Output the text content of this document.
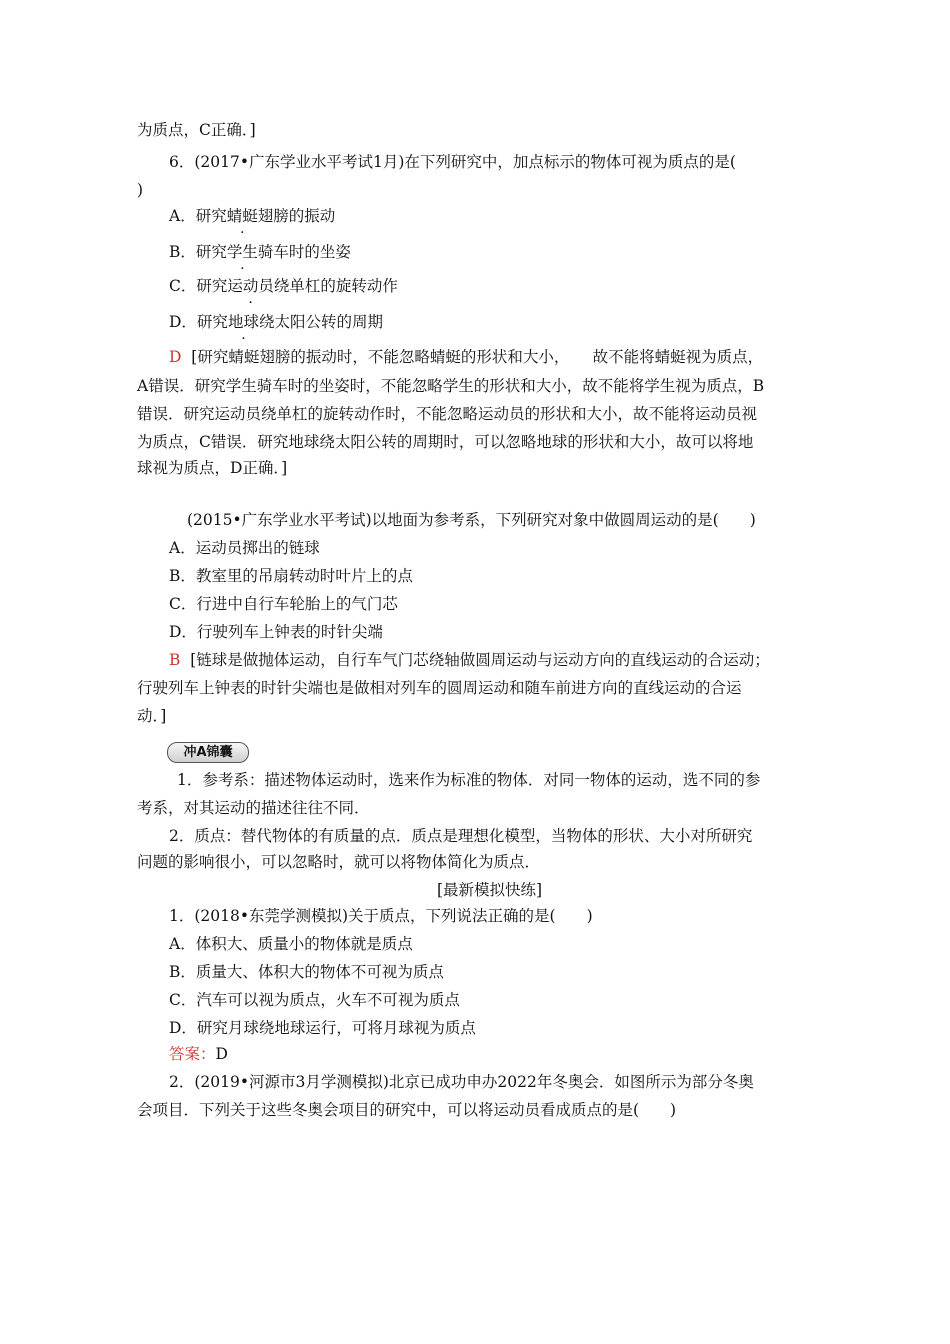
为质点，C正确．]
6．(2017•广东学业水平考试1月)在下列研究中，加点标示的物体可视为质点的是(
)
A．研究蜻蜓翅膀的振动
B．研究学生骑车时的坐姿
C．研究运动员绕单杠的旋转动作
D．研究地球绕太阳公转的周期
D [研究蜻蜓翅膀的振动时，不能忽略蜻蜓的形状和大小，　　故不能将蜻蜓视为质点，
A错误．研究学生骑车时的坐姿时，不能忽略学生的形状和大小，故不能将学生视为质点，B
错误．研究运动员绕单杠的旋转动作时，不能忽略运动员的形状和大小，故不能将运动员视
为质点，C错误．研究地球绕太阳公转的周期时，可以忽略地球的形状和大小，故可以将地
球视为质点，D正确．]
(2015•广东学业水平考试)以地面为参考系，下列研究对象中做圆周运动的是(　　)
A．运动员掷出的链球
B．教室里的吊扇转动时叶片上的点
C．行进中自行车轮胎上的气门芯
D．行驶列车上钟表的时针尖端
B [链球是做抛体运动，自行车气门芯绕轴做圆周运动与运动方向的直线运动的合运动；
行驶列车上钟表的时针尖端也是做相对列车的圆周运动和随车前进方向的直线运动的合运
动．]
冲A锦囊
1．参考系：描述物体运动时，选来作为标准的物体．对同一物体的运动，选不同的参
考系，对其运动的描述往往不同．
2．质点：替代物体的有质量的点．质点是理想化模型，当物体的形状、大小对所研究
问题的影响很小，可以忽略时，就可以将物体简化为质点．
[最新模拟快练]
1．(2018•东莞学测模拟)关于质点，下列说法正确的是(　　)
A．体积大、质量小的物体就是质点
B．质量大、体积大的物体不可视为质点
C．汽车可以视为质点，火车不可视为质点
D．研究月球绕地球运行，可将月球视为质点
答案：D
2．(2019•河源市3月学测模拟)北京已成功申办2022年冬奥会．如图所示为部分冬奥
会项目．下列关于这些冬奥会项目的研究中，可以将运动员看成质点的是(　　)
